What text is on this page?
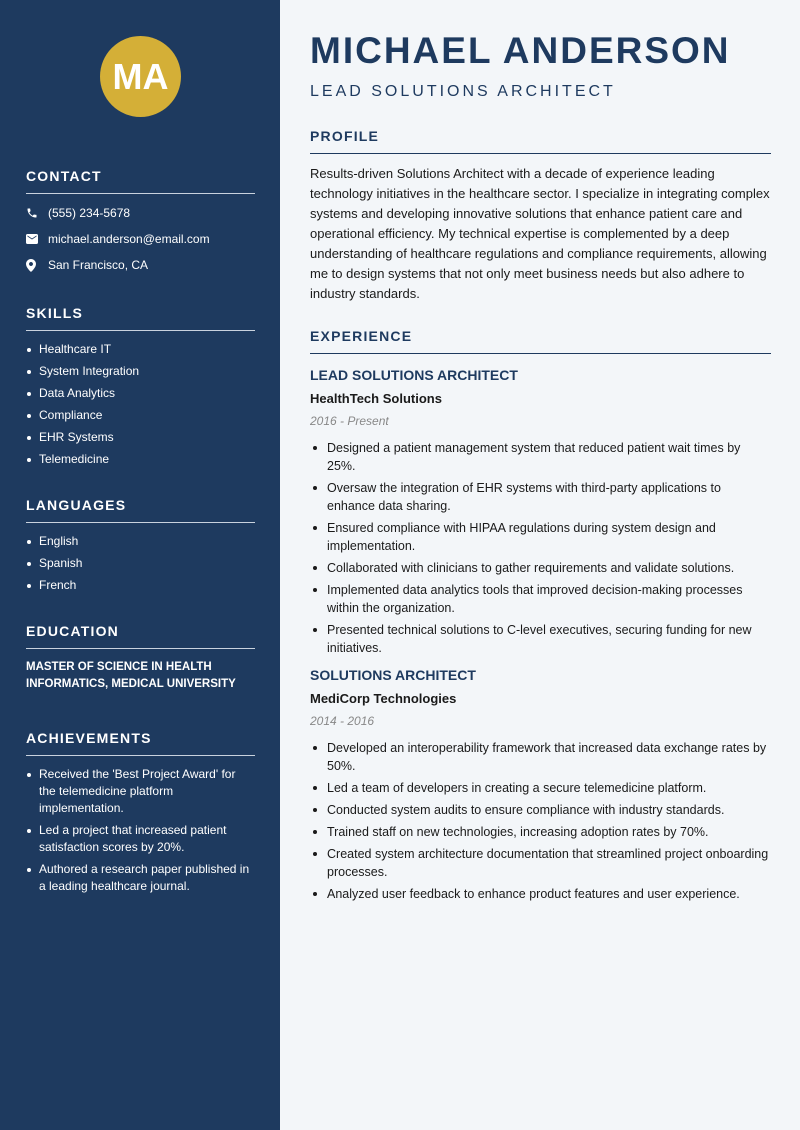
MA
CONTACT
(555) 234-5678
michael.anderson@email.com
San Francisco, CA
SKILLS
Healthcare IT
System Integration
Data Analytics
Compliance
EHR Systems
Telemedicine
LANGUAGES
English
Spanish
French
EDUCATION
MASTER OF SCIENCE IN HEALTH INFORMATICS, MEDICAL UNIVERSITY
ACHIEVEMENTS
Received the 'Best Project Award' for the telemedicine platform implementation.
Led a project that increased patient satisfaction scores by 20%.
Authored a research paper published in a leading healthcare journal.
MICHAEL ANDERSON
LEAD SOLUTIONS ARCHITECT
PROFILE
Results-driven Solutions Architect with a decade of experience leading technology initiatives in the healthcare sector. I specialize in integrating complex systems and developing innovative solutions that enhance patient care and operational efficiency. My technical expertise is complemented by a deep understanding of healthcare regulations and compliance requirements, allowing me to design systems that not only meet business needs but also adhere to industry standards.
EXPERIENCE
LEAD SOLUTIONS ARCHITECT
HealthTech Solutions
2016 - Present
Designed a patient management system that reduced patient wait times by 25%.
Oversaw the integration of EHR systems with third-party applications to enhance data sharing.
Ensured compliance with HIPAA regulations during system design and implementation.
Collaborated with clinicians to gather requirements and validate solutions.
Implemented data analytics tools that improved decision-making processes within the organization.
Presented technical solutions to C-level executives, securing funding for new initiatives.
SOLUTIONS ARCHITECT
MediCorp Technologies
2014 - 2016
Developed an interoperability framework that increased data exchange rates by 50%.
Led a team of developers in creating a secure telemedicine platform.
Conducted system audits to ensure compliance with industry standards.
Trained staff on new technologies, increasing adoption rates by 70%.
Created system architecture documentation that streamlined project onboarding processes.
Analyzed user feedback to enhance product features and user experience.
